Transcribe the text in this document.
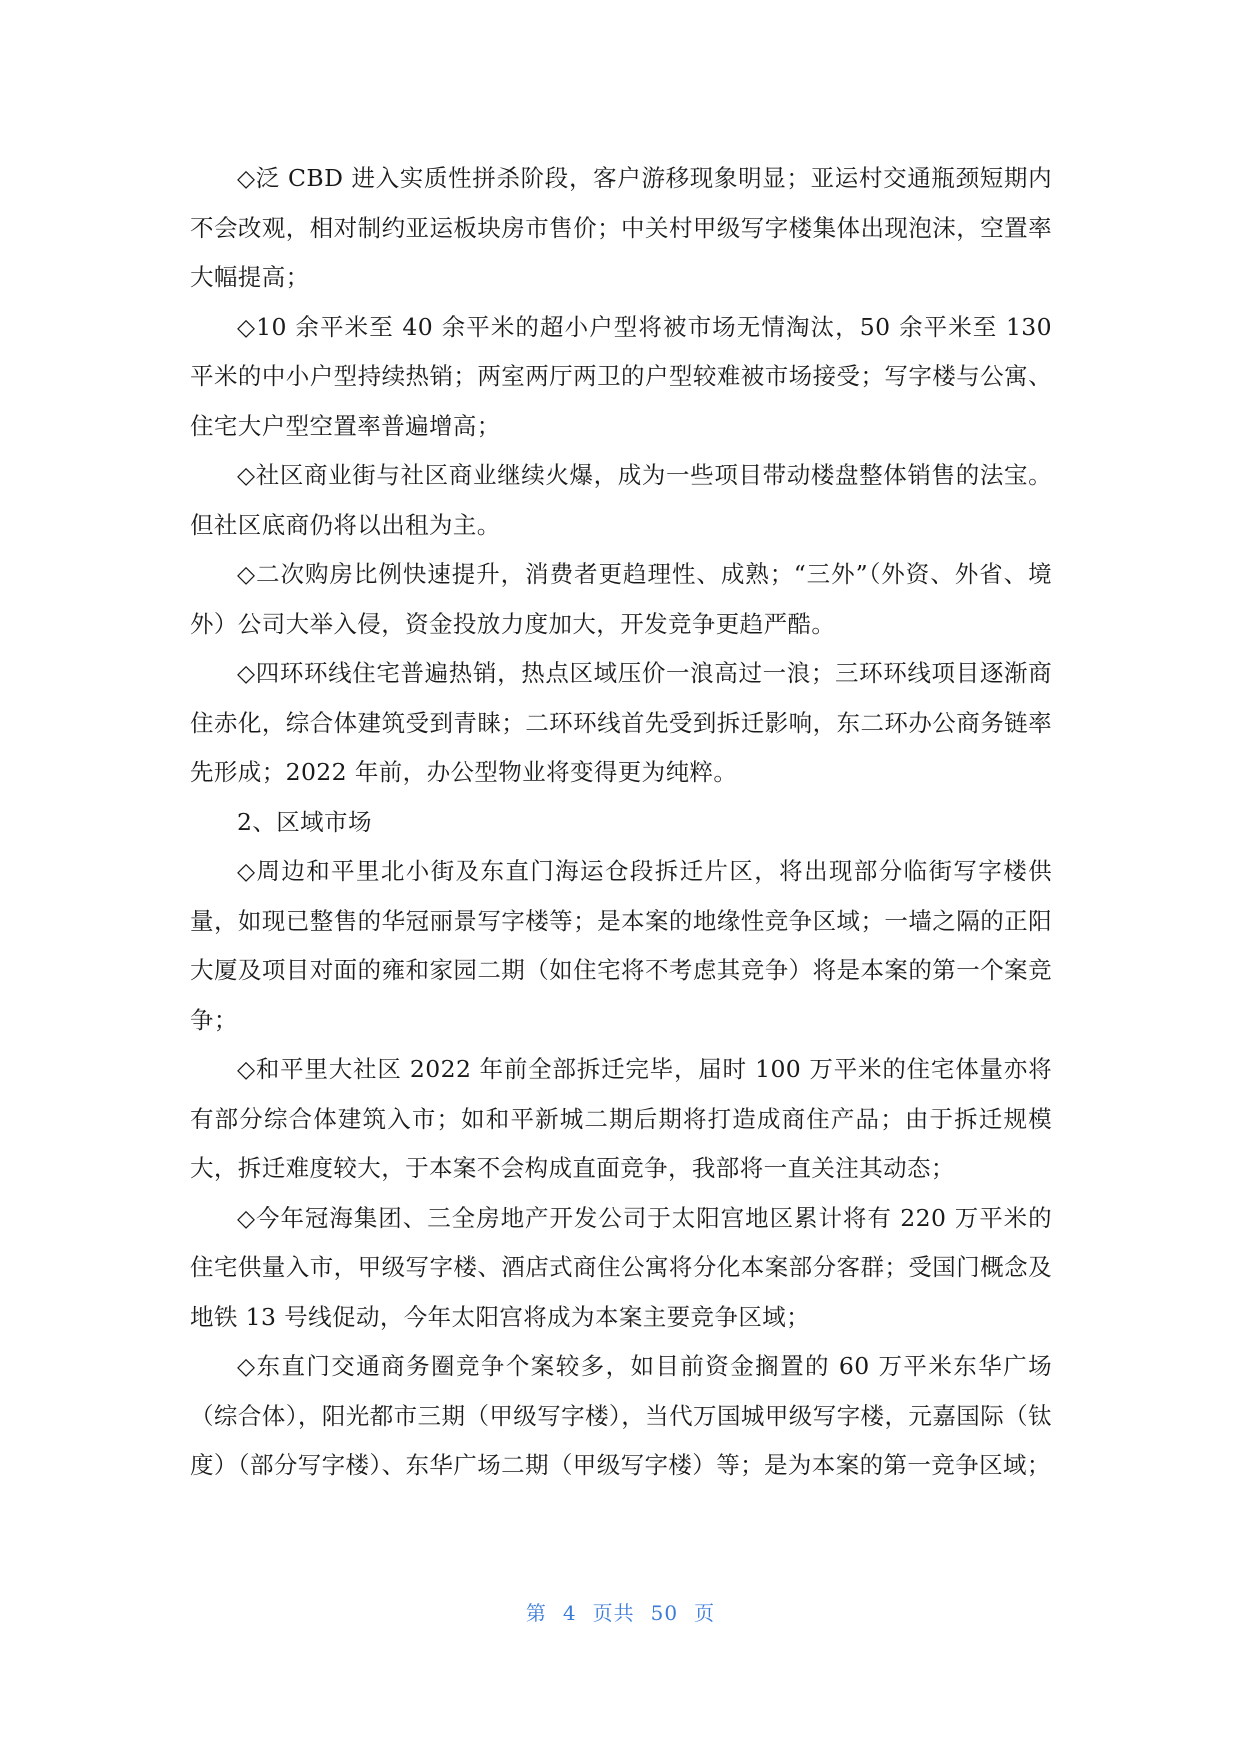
◇泛 CBD 进入实质性拼杀阶段，客户游移现象明显；亚运村交通瓶颈短期内不会改观，相对制约亚运板块房市售价；中关村甲级写字楼集体出现泡沫，空置率大幅提高；

◇10 余平米至 40 余平米的超小户型将被市场无情淘汰，50 余平米至 130 平米的中小户型持续热销；两室两厅两卫的户型较难被市场接受；写字楼与公寓、住宅大户型空置率普遍增高；

◇社区商业街与社区商业继续火爆，成为一些项目带动楼盘整体销售的法宝。但社区底商仍将以出租为主。

◇二次购房比例快速提升，消费者更趋理性、成熟；“三外”（外资、外省、境外）公司大举入侵，资金投放力度加大，开发竞争更趋严酷。

◇四环环线住宅普遍热销，热点区域压价一浪高过一浪；三环环线项目逐渐商住赤化，综合体建筑受到青睐；二环环线首先受到拆迁影响，东二环办公商务链率先形成；2022 年前，办公型物业将变得更为纯粹。

2、区域市场

◇周边和平里北小街及东直门海运仓段拆迁片区，将出现部分临街写字楼供量，如现已整售的华冠丽景写字楼等；是本案的地缘性竞争区域；一墙之隔的正阳大厦及项目对面的雍和家园二期（如住宅将不考虑其竞争）将是本案的第一个案竞争；

◇和平里大社区 2022 年前全部拆迁完毕，届时 100 万平米的住宅体量亦将有部分综合体建筑入市；如和平新城二期后期将打造成商住产品；由于拆迁规模大，拆迁难度较大，于本案不会构成直面竞争，我部将一直关注其动态；

◇今年冠海集团、三全房地产开发公司于太阳宫地区累计将有 220 万平米的住宅供量入市，甲级写字楼、酒店式商住公寓将分化本案部分客群；受国门概念及地铁 13 号线促动，今年太阳宫将成为本案主要竞争区域；

◇东直门交通商务圈竞争个案较多，如目前资金搁置的 60 万平米东华广场（综合体），阳光都市三期（甲级写字楼），当代万国城甲级写字楼，元嘉国际（钛度）（部分写字楼）、东华广场二期（甲级写字楼）等；是为本案的第一竞争区域；

第 4 页共 50 页
